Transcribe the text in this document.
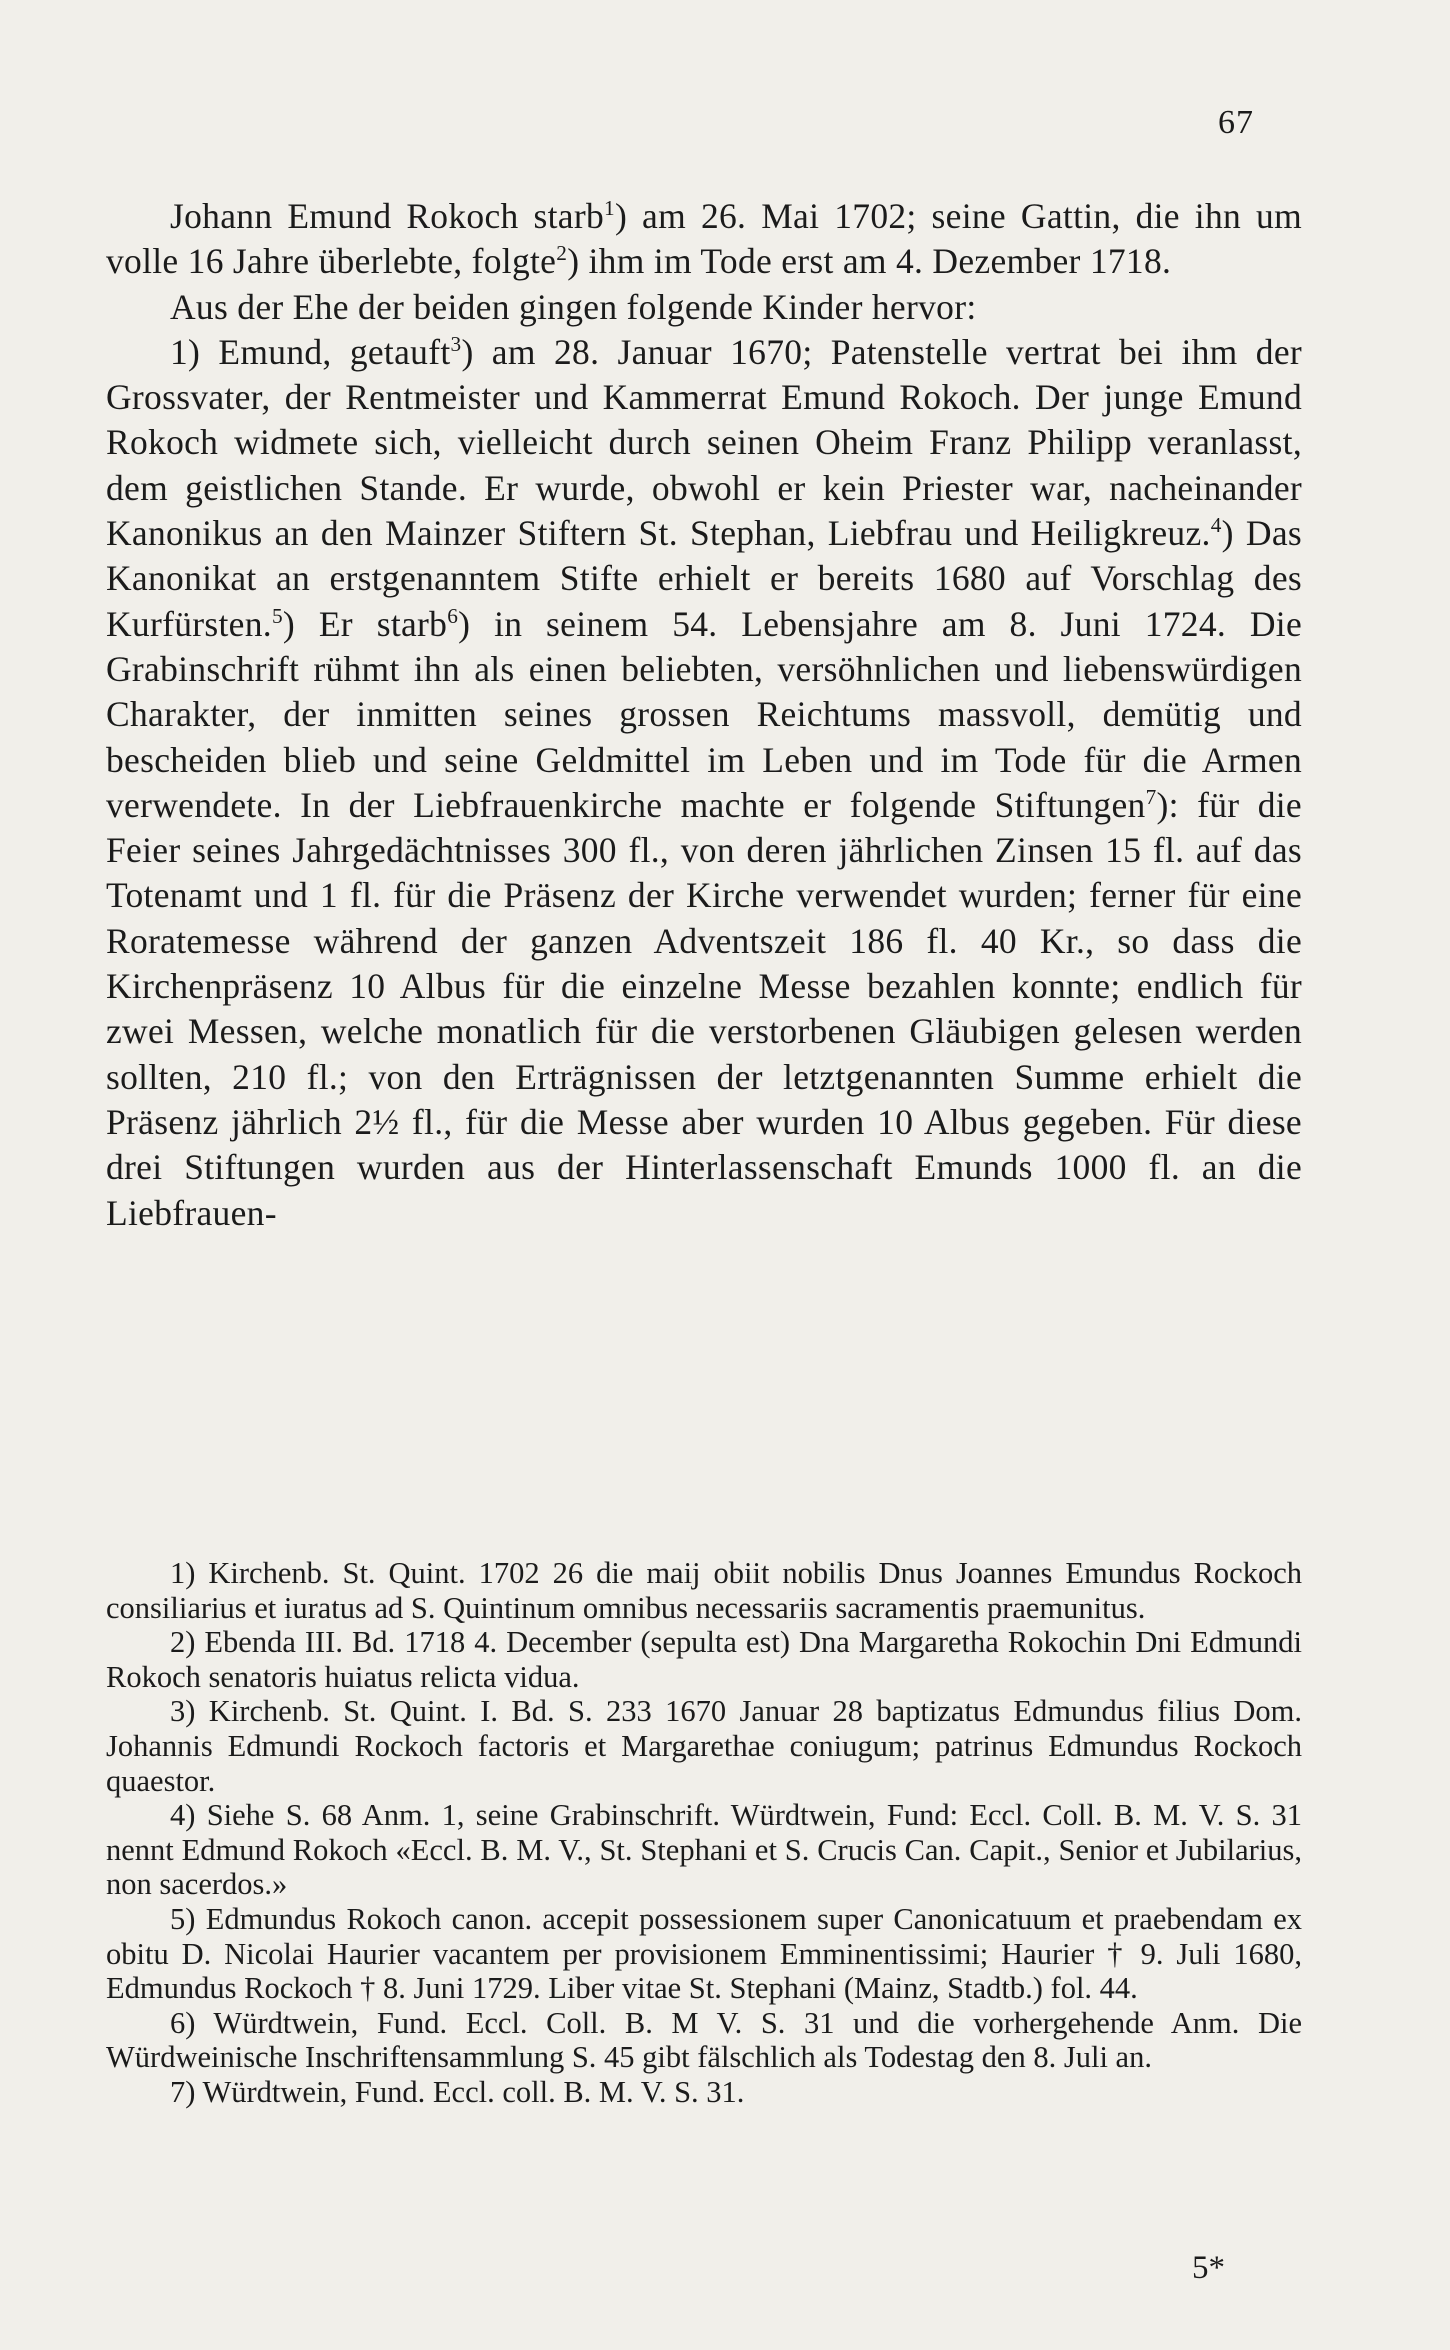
67

Johann Emund Rokoch starb$^1$) am 26. Mai 1702; seine Gattin, die ihn um volle 16 Jahre überlebte, folgte$^2$) ihm im Tode erst am 4. Dezember 1718.

Aus der Ehe der beiden gingen folgende Kinder hervor:

1) Emund, getauft$^3$) am 28. Januar 1670; Patenstelle vertrat bei ihm der Grossvater, der Rentmeister und Kammerrat Emund Rokoch. Der junge Emund Rokoch widmete sich, vielleicht durch seinen Oheim Franz Philipp veranlasst, dem geistlichen Stande. Er wurde, obwohl er kein Priester war, nacheinander Kanonikus an den Mainzer Stiftern St. Stephan, Liebfrau und Heiligkreuz.$^4$) Das Kanonikat an erstgenanntem Stifte erhielt er bereits 1680 auf Vorschlag des Kurfürsten.$^5$) Er starb$^6$) in seinem 54. Lebensjahre am 8. Juni 1724. Die Grabinschrift rühmt ihn als einen beliebten, versöhnlichen und liebenswürdigen Charakter, der inmitten seines grossen Reichtums massvoll, demütig und bescheiden blieb und seine Geldmittel im Leben und im Tode für die Armen verwendete. In der Liebfrauenkirche machte er folgende Stiftungen$^7$): für die Feier seines Jahrgedächtnisses 300 fl., von deren jährlichen Zinsen 15 fl. auf das Totenamt und 1 fl. für die Präsenz der Kirche verwendet wurden; ferner für eine Roratemesse während der ganzen Adventszeit 186 fl. 40 Kr., so dass die Kirchenpräsenz 10 Albus für die einzelne Messe bezahlen konnte; endlich für zwei Messen, welche monatlich für die verstorbenen Gläubigen gelesen werden sollten, 210 fl.; von den Erträgnissen der letztgenannten Summe erhielt die Präsenz jährlich 2½ fl., für die Messe aber wurden 10 Albus gegeben. Für diese drei Stiftungen wurden aus der Hinterlassenschaft Emunds 1000 fl. an die Liebfrauen-

1) Kirchenb. St. Quint. 1702 26 die maij obiit nobilis Dnus Joannes Emundus Rockoch consiliarius et iuratus ad S. Quintinum omnibus necessariis sacramentis praemunitus.

2) Ebenda III. Bd. 1718 4. December (sepulta est) Dna Margaretha Rokochin Dni Edmundi Rokoch senatoris huiatus relicta vidua.

3) Kirchenb. St. Quint. I. Bd. S. 233 1670 Januar 28 baptizatus Edmundus filius Dom. Johannis Edmundi Rockoch factoris et Margarethae coniugum; patrinus Edmundus Rockoch quaestor.

4) Siehe S. 68 Anm. 1, seine Grabinschrift. Würdtwein, Fund: Eccl. Coll. B. M. V. S. 31 nennt Edmund Rokoch «Eccl. B. M. V., St. Stephani et S. Crucis Can. Capit., Senior et Jubilarius, non sacerdos.»

5) Edmundus Rokoch canon. accepit possessionem super Canonicatuum et praebendam ex obitu D. Nicolai Haurier vacantem per provisionem Emminentissimi; Haurier † 9. Juli 1680, Edmundus Rockoch † 8. Juni 1729. Liber vitae St. Stephani (Mainz, Stadtb.) fol. 44.

6) Würdtwein, Fund. Eccl. Coll. B. M V. S. 31 und die vorhergehende Anm. Die Würdweinische Inschriftensammlung S. 45 gibt fälschlich als Todestag den 8. Juli an.

7) Würdtwein, Fund. Eccl. coll. B. M. V. S. 31.

5*
